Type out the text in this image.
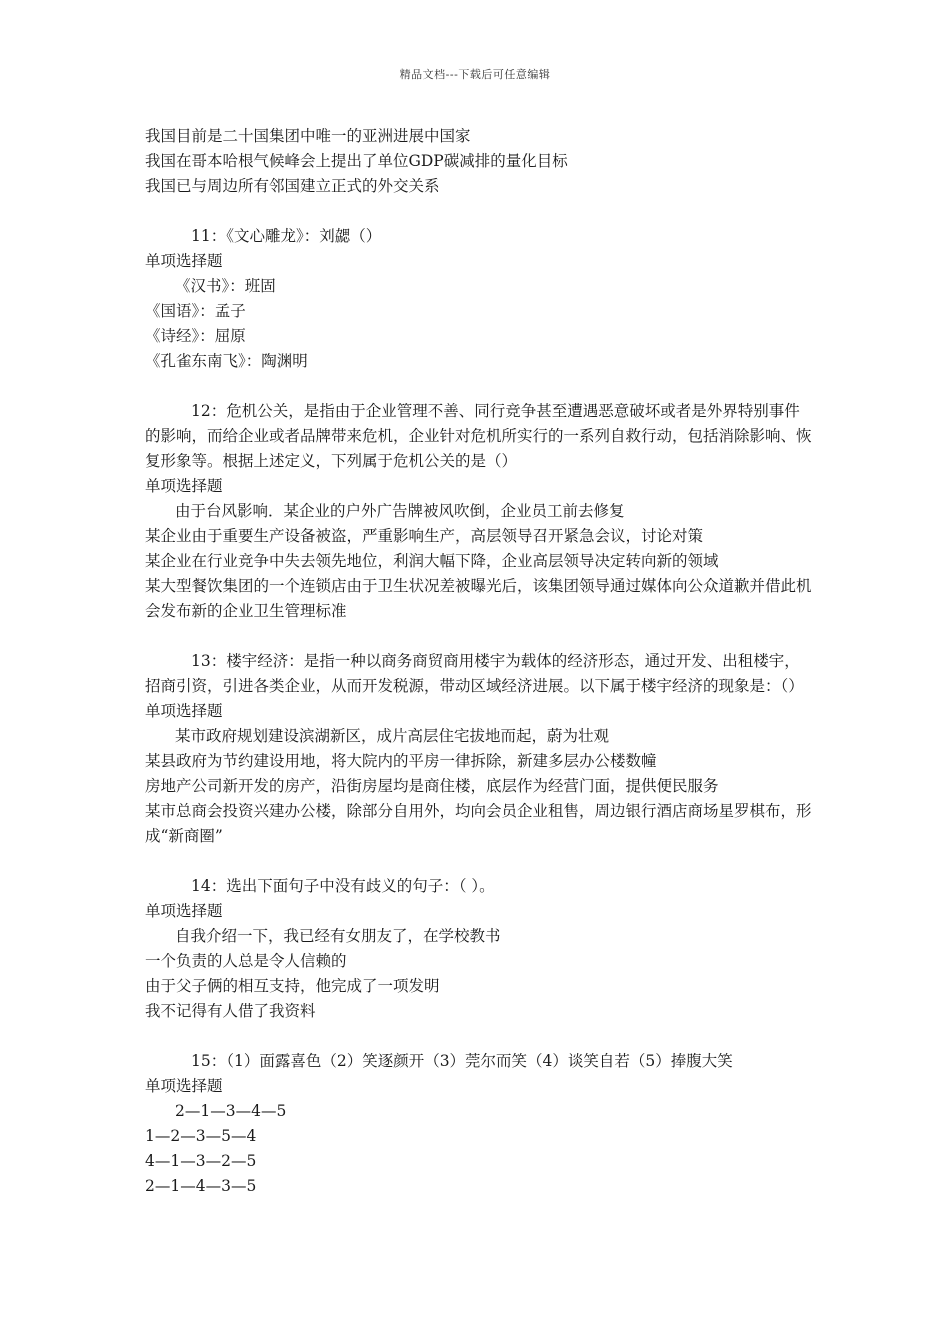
精品文档---下载后可任意编辑

我国目前是二十国集团中唯一的亚洲进展中国家

我国在哥本哈根气候峰会上提出了单位GDP碳减排的量化目标

我国已与周边所有邻国建立正式的外交关系

11：《文心雕龙》：刘勰（）

单项选择题

《汉书》：班固

《国语》：孟子

《诗经》：屈原

《孔雀东南飞》：陶渊明

12：危机公关，是指由于企业管理不善、同行竞争甚至遭遇恶意破坏或者是外界特别事件的影响，而给企业或者品牌带来危机，企业针对危机所实行的一系列自救行动，包括消除影响、恢复形象等。根据上述定义，下列属于危机公关的是（）

单项选择题

由于台风影响．某企业的户外广告牌被风吹倒，企业员工前去修复

某企业由于重要生产设备被盗，严重影响生产，高层领导召开紧急会议，讨论对策

某企业在行业竞争中失去领先地位，利润大幅下降，企业高层领导决定转向新的领域

某大型餐饮集团的一个连锁店由于卫生状况差被曝光后，该集团领导通过媒体向公众道歉并借此机会发布新的企业卫生管理标准

13：楼宇经济：是指一种以商务商贸商用楼宇为载体的经济形态，通过开发、出租楼宇，招商引资，引进各类企业，从而开发税源，带动区域经济进展。以下属于楼宇经济的现象是：（）

单项选择题

某市政府规划建设滨湖新区，成片高层住宅拔地而起，蔚为壮观

某县政府为节约建设用地，将大院内的平房一律拆除，新建多层办公楼数幢

房地产公司新开发的房产，沿街房屋均是商住楼，底层作为经营门面，提供便民服务

某市总商会投资兴建办公楼，除部分自用外，均向会员企业租售，周边银行酒店商场星罗棋布，形成“新商圈”

14：选出下面句子中没有歧义的句子：（ ）。

单项选择题

自我介绍一下，我已经有女朋友了，在学校教书

一个负责的人总是令人信赖的

由于父子俩的相互支持，他完成了一项发明

我不记得有人借了我资料

15：（1）面露喜色（2）笑逐颜开（3）莞尔而笑（4）谈笑自若（5）捧腹大笑

单项选择题

2—1—3—4—5

1—2—3—5—4

4—1—3—2—5

2—1—4—3—5
